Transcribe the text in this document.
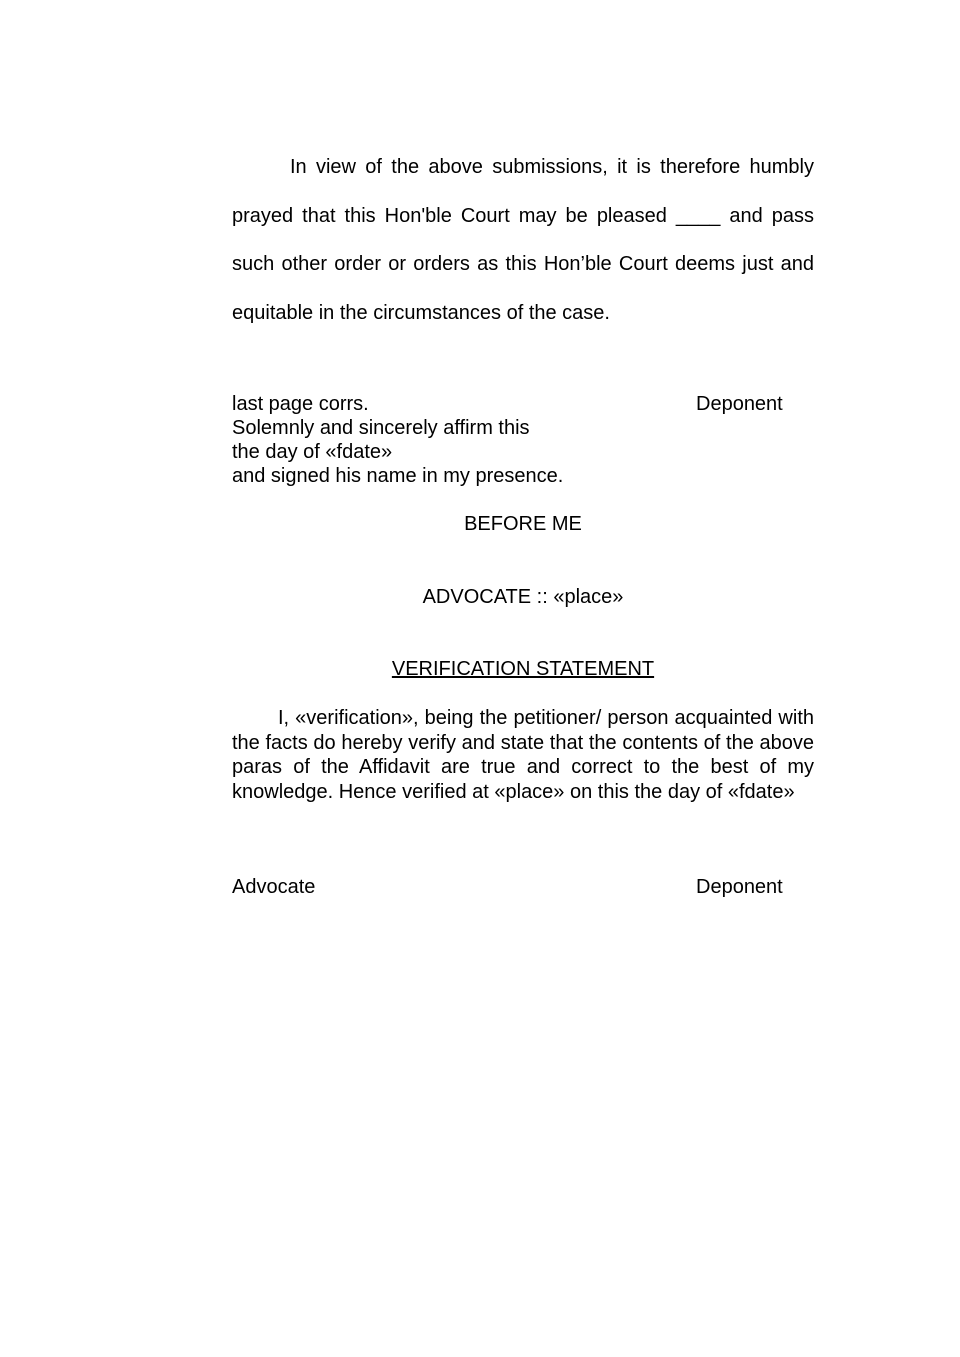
In view of the above submissions, it is therefore humbly prayed that this Hon'ble Court may be pleased ____ and pass such other order or orders as this Hon’ble Court deems just and equitable in the circumstances of the case.

last page corrs.	Deponent
Solemnly and sincerely affirm this
the day of «fdate»
and signed his name in my presence.
BEFORE ME
ADVOCATE :: «place»
VERIFICATION STATEMENT

I, «verification», being the petitioner/ person acquainted with the facts do hereby verify and state that the contents of the above paras of the Affidavit are true and correct to the best of my knowledge. Hence verified at «place» on this the day of «fdate»

Advocate	Deponent
